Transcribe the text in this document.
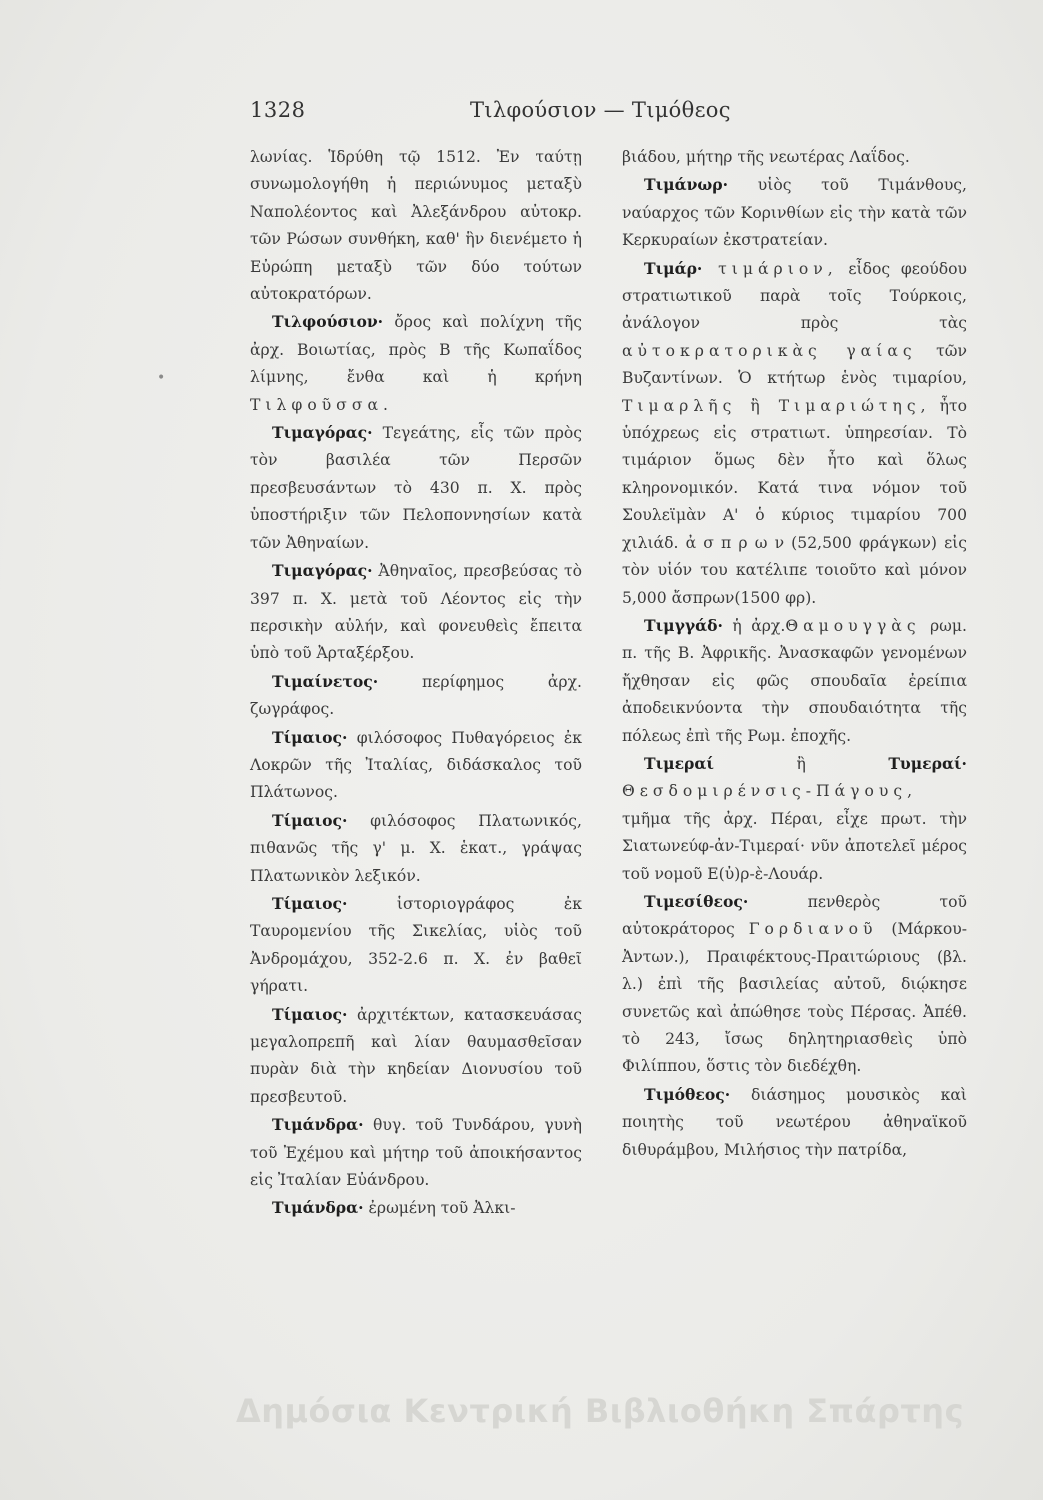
1328	Τιλφούσιον — Τιμόθεος
•

λωνίας. Ἱδρύθη τῷ 1512. Ἐν ταύτῃ συνωμολογήθη ἡ περιώνυμος μεταξὺ Ναπολέοντος καὶ Ἀλεξάνδρου αὐτοκρ. τῶν Ρώσων συνθήκη, καθ' ἣν διενέμετο ἡ Εὐρώπη μεταξὺ τῶν δύο τούτων αὐτοκρατόρων.

Τιλφούσιον· ὄρος καὶ πολίχνη τῆς ἀρχ. Βοιωτίας, πρὸς Β τῆς Κωπαΐδος λίμνης, ἔνθα καὶ ἡ κρήνη Τιλφοῦσσα.

Τιμαγόρας· Τεγεάτης, εἷς τῶν πρὸς τὸν βασιλέα τῶν Περσῶν πρεσβευσάντων τὸ 430 π. Χ. πρὸς ὑποστήριξιν τῶν Πελοποννησίων κατὰ τῶν Ἀθηναίων.

Τιμαγόρας· Ἀθηναῖος, πρεσβεύσας τὸ 397 π. Χ. μετὰ τοῦ Λέοντος εἰς τὴν περσικὴν αὐλήν, καὶ φονευθεὶς ἔπειτα ὑπὸ τοῦ Ἀρταξέρξου.

Τιμαίνετος· περίφημος ἀρχ. ζωγράφος.

Τίμαιος· φιλόσοφος Πυθαγόρειος ἐκ Λοκρῶν τῆς Ἰταλίας, διδάσκαλος τοῦ Πλάτωνος.

Τίμαιος· φιλόσοφος Πλατωνικός, πιθανῶς τῆς γ' μ. Χ. ἑκατ., γράψας Πλατωνικὸν λεξικόν.

Τίμαιος· ἱστοριογράφος ἐκ Ταυρομενίου τῆς Σικελίας, υἱὸς τοῦ Ἀνδρομάχου, 352-2.6 π. Χ. ἐν βαθεῖ γήρατι.

Τίμαιος· ἀρχιτέκτων, κατασκευάσας μεγαλοπρεπῆ καὶ λίαν θαυμασθεῖσαν πυρὰν διὰ τὴν κηδείαν Διονυσίου τοῦ πρεσβευτοῦ.

Τιμάνδρα· θυγ. τοῦ Τυνδάρου, γυνὴ τοῦ Ἐχέμου καὶ μήτηρ τοῦ ἀποικήσαντος εἰς Ἰταλίαν Εὐάνδρου.

Τιμάνδρα· ἐρωμένη τοῦ Ἀλκι-

βιάδου, μήτηρ τῆς νεωτέρας Λαΐδος.

Τιμάνωρ· υἱὸς τοῦ Τιμάνθους, ναύαρχος τῶν Κορινθίων εἰς τὴν κατὰ τῶν Κερκυραίων ἐκστρατείαν.

Τιμάρ· τιμάριον, εἶδος φεούδου στρατιωτικοῦ παρὰ τοῖς Τούρκοις, ἀνάλογον πρὸς τὰς αὐτοκρατορικὰς γαίας τῶν Βυζαντίνων. Ὁ κτήτωρ ἑνὸς τιμαρίου, Τιμαρλῆς ἢ Τιμαριώτης, ἦτο ὑπόχρεως εἰς στρατιωτ. ὑπηρεσίαν. Τὸ τιμάριον ὅμως δὲν ἦτο καὶ ὅλως κληρονομικόν. Κατά τινα νόμον τοῦ Σουλεϊμὰν Α' ὁ κύριος τιμαρίου 700 χιλιάδ. ἀ σ π ρ ω ν (52,500 φράγκων) εἰς τὸν υἱόν του κατέλιπε τοιοῦτο καὶ μόνον 5,000 ἄσπρων(1500 φρ).

Τιμγγάδ· ἡ ἀρχ.Θαμουγγὰς ρωμ. π. τῆς Β. Ἀφρικῆς. Ἀνασκαφῶν γενομένων ἤχθησαν εἰς φῶς σπουδαῖα ἐρείπια ἀποδεικνύοντα τὴν σπουδαιότητα τῆς πόλεως ἐπὶ τῆς Ρωμ. ἐποχῆς.

Τιμεραί ἢ Τυμεραί· Θεσδομιρένσις-Πάγους, τμῆμα τῆς ἀρχ. Πέραι, εἶχε πρωτ. τὴν Σιατωνεύφ-ἀν-Τιμεραί· νῦν ἀποτελεῖ μέρος τοῦ νομοῦ Ε(ὐ)ρ-ὲ-Λουάρ.

Τιμεσίθεος· πενθερὸς τοῦ αὐτοκράτορος Γορδιανοῦ (Μάρκου-Ἀντων.), Πραιφέκτους-Πραιτώριους (βλ. λ.) ἐπὶ τῆς βασιλείας αὐτοῦ, διῴκησε συνετῶς καὶ ἀπώθησε τοὺς Πέρσας. Ἀπέθ. τὸ 243, ἴσως δηλητηριασθεὶς ὑπὸ Φιλίππου, ὅστις τὸν διεδέχθη.

Τιμόθεος· διάσημος μουσικὸς καὶ ποιητὴς τοῦ νεωτέρου ἀθηναϊκοῦ διθυράμβου, Μιλήσιος τὴν πατρίδα,

Δημόσια Κεντρική Βιβλιοθήκη Σπάρτης
